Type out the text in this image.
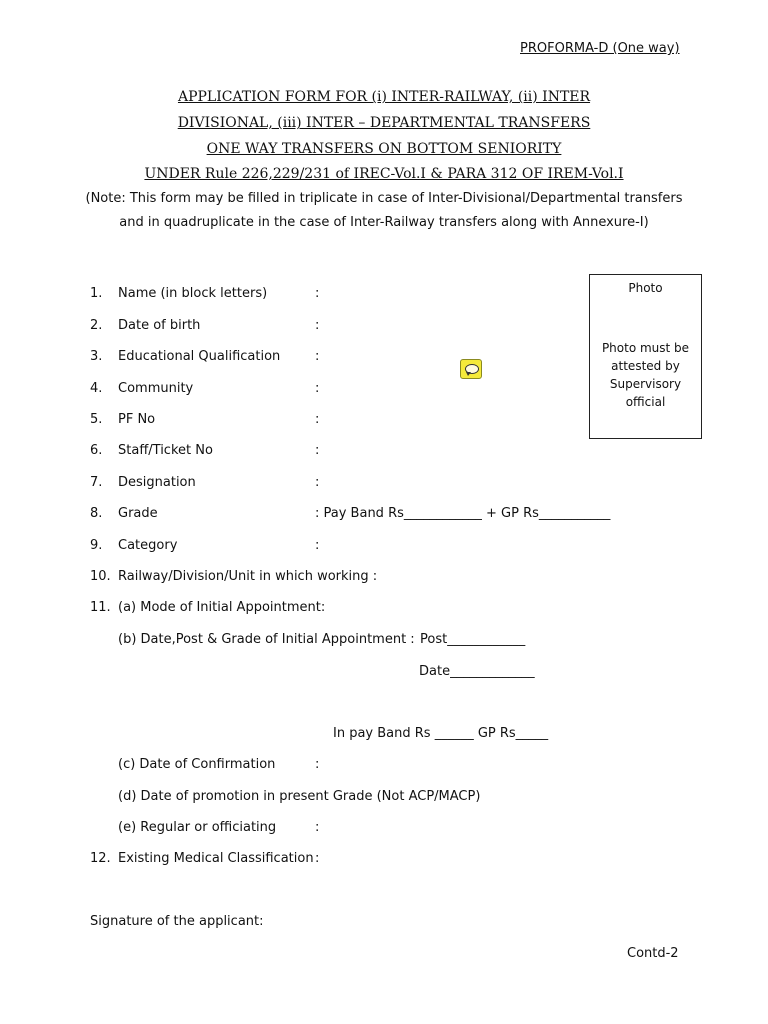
PROFORMA-D (One way)
APPLICATION FORM FOR (i) INTER-RAILWAY, (ii) INTER
DIVISIONAL, (iii) INTER – DEPARTMENTAL TRANSFERS
ONE WAY TRANSFERS ON BOTTOM SENIORITY
UNDER Rule 226,229/231 of IREC-Vol.I & PARA 312 OF IREM-Vol.I
(Note: This form may be filled in triplicate in case of Inter-Divisional/Departmental transfers
and in quadruplicate in the case of Inter-Railway transfers along with Annexure-I)
Photo
Photo must be attested by Supervisory official
1. Name (in block letters)	:
2. Date of birth	:
3. Educational Qualification	:
4. Community	:
5. PF No	:
6. Staff/Ticket No	:
7. Designation	:
8. Grade	: Pay Band Rs____________ + GP Rs___________
9. Category	:
10. Railway/Division/Unit in which working :
11. (a) Mode of Initial Appointment:
(b) Date,Post & Grade of Initial Appointment : Post____________
Date_____________
In pay Band Rs ______ GP Rs_____
(c) Date of Confirmation	:
(d) Date of promotion in present Grade (Not ACP/MACP)
(e) Regular or officiating	:
12. Existing Medical Classification :
Signature of the applicant:
Contd-2
